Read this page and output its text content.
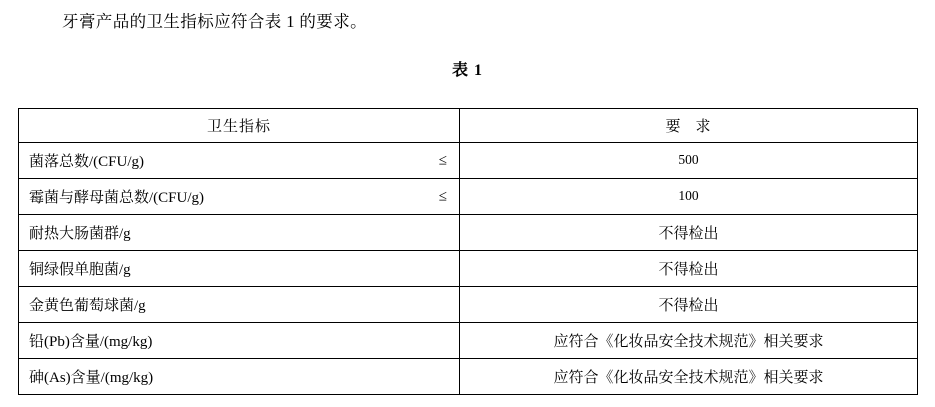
牙膏产品的卫生指标应符合表 1 的要求。
表 1
卫生指标	要 求

菌落总数/(CFU/g) ≤	500
霉菌与酵母菌总数/(CFU/g) ≤	100
耐热大肠菌群/g	不得检出
铜绿假单胞菌/g	不得检出
金黄色葡萄球菌/g	不得检出
铅(Pb)含量/(mg/kg)	应符合《化妆品安全技术规范》相关要求
砷(As)含量/(mg/kg)	应符合《化妆品安全技术规范》相关要求
